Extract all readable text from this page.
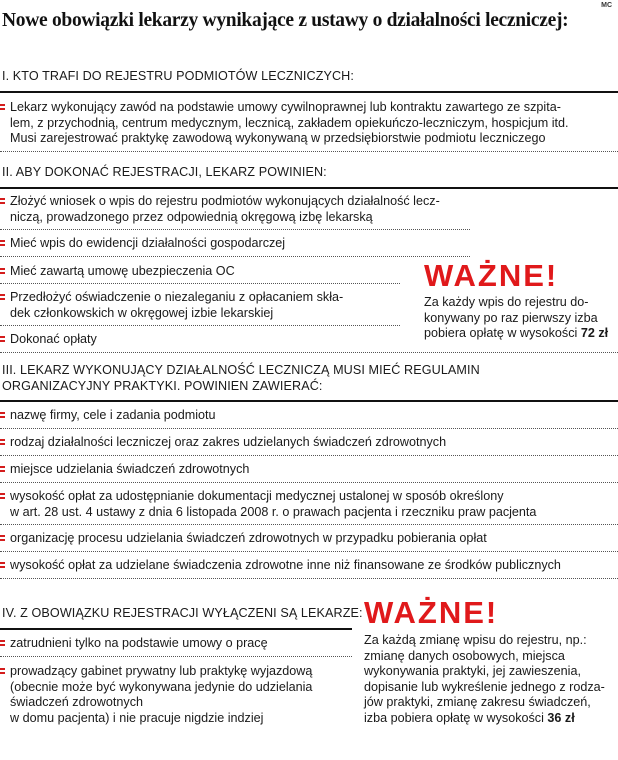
MC
Nowe obowiązki lekarzy wynikające z ustawy o działalności leczniczej:
I. KTO TRAFI DO REJESTRU PODMIOTÓW LECZNICZYCH:
Lekarz wykonujący zawód na podstawie umowy cywilnoprawnej lub kontraktu zawartego ze szpita-
lem, z przychodnią, centrum medycznym, lecznicą, zakładem opiekuńczo-leczniczym, hospicjum itd.
Musi zarejestrować praktykę zawodową wykonywaną w przedsiębiorstwie podmiotu leczniczego
II. ABY DOKONAĆ REJESTRACJI, LEKARZ POWINIEN:
Złożyć wniosek o wpis do rejestru podmiotów wykonujących działalność lecz-
niczą, prowadzonego przez odpowiednią okręgową izbę lekarską
Mieć wpis do ewidencji działalności gospodarczej
Mieć zawartą umowę ubezpieczenia OC
Przedłożyć oświadczenie o niezaleganiu z opłacaniem skła-
dek członkowskich w okręgowej izbie lekarskiej
Dokonać opłaty
WAŻNE!
Za każdy wpis do rejestru do-
konywany po raz pierwszy izba
pobiera opłatę w wysokości 72 zł
III. LEKARZ WYKONUJĄCY DZIAŁALNOŚĆ LECZNICZĄ MUSI MIEĆ REGULAMIN
ORGANIZACYJNY PRAKTYKI. POWINIEN ZAWIERAĆ:
nazwę firmy, cele i zadania podmiotu
rodzaj działalności leczniczej oraz zakres udzielanych świadczeń zdrowotnych
miejsce udzielania świadczeń zdrowotnych
wysokość opłat za udostępnianie dokumentacji medycznej ustalonej w sposób określony
w art. 28 ust. 4 ustawy z dnia 6 listopada 2008 r. o prawach pacjenta i rzeczniku praw pacjenta
organizację procesu udzielania świadczeń zdrowotnych w przypadku pobierania opłat
wysokość opłat za udzielane świadczenia zdrowotne inne niż finansowane ze środków publicznych
IV. Z OBOWIĄZKU REJESTRACJI WYŁĄCZENI SĄ LEKARZE:
zatrudnieni tylko na podstawie umowy o pracę
prowadzący gabinet prywatny lub praktykę wyjazdową
(obecnie może być wykonywana jedynie do udzielania
świadczeń zdrowotnych
w domu pacjenta) i nie pracuje nigdzie indziej
WAŻNE!
Za każdą zmianę wpisu do rejestru, np.:
zmianę danych osobowych, miejsca
wykonywania praktyki, jej zawieszenia,
dopisanie lub wykreślenie jednego z rodza-
jów praktyki, zmianę zakresu świadczeń,
izba pobiera opłatę w wysokości 36 zł
